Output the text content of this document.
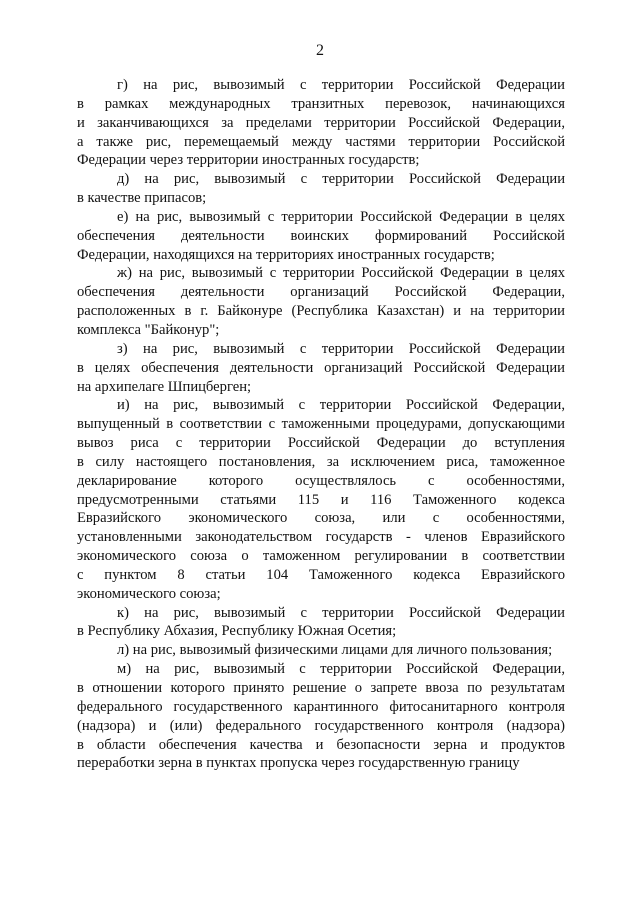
2
г) на рис, вывозимый с территории Российской Федерации
в рамках международных транзитных перевозок, начинающихся
и заканчивающихся за пределами территории Российской Федерации,
а также рис, перемещаемый между частями территории Российской
Федерации через территории иностранных государств;
д) на рис, вывозимый с территории Российской Федерации
в качестве припасов;
е) на рис, вывозимый с территории Российской Федерации в целях
обеспечения деятельности воинских формирований Российской
Федерации, находящихся на территориях иностранных государств;
ж) на рис, вывозимый с территории Российской Федерации в целях
обеспечения деятельности организаций Российской Федерации,
расположенных в г. Байконуре (Республика Казахстан) и на территории
комплекса "Байконур";
з) на рис, вывозимый с территории Российской Федерации
в целях обеспечения деятельности организаций Российской Федерации
на архипелаге Шпицберген;
и) на рис, вывозимый с территории Российской Федерации,
выпущенный в соответствии с таможенными процедурами, допускающими
вывоз риса с территории Российской Федерации до вступления
в силу настоящего постановления, за исключением риса, таможенное
декларирование которого осуществлялось с особенностями,
предусмотренными статьями 115 и 116 Таможенного кодекса
Евразийского экономического союза, или с особенностями,
установленными законодательством государств - членов Евразийского
экономического союза о таможенном регулировании в соответствии
с пунктом 8 статьи 104 Таможенного кодекса Евразийского
экономического союза;
к) на рис, вывозимый с территории Российской Федерации
в Республику Абхазия, Республику Южная Осетия;
л) на рис, вывозимый физическими лицами для личного пользования;
м) на рис, вывозимый с территории Российской Федерации,
в отношении которого принято решение о запрете ввоза по результатам
федерального государственного карантинного фитосанитарного контроля
(надзора) и (или) федерального государственного контроля (надзора)
в области обеспечения качества и безопасности зерна и продуктов
переработки зерна в пунктах пропуска через государственную границу
